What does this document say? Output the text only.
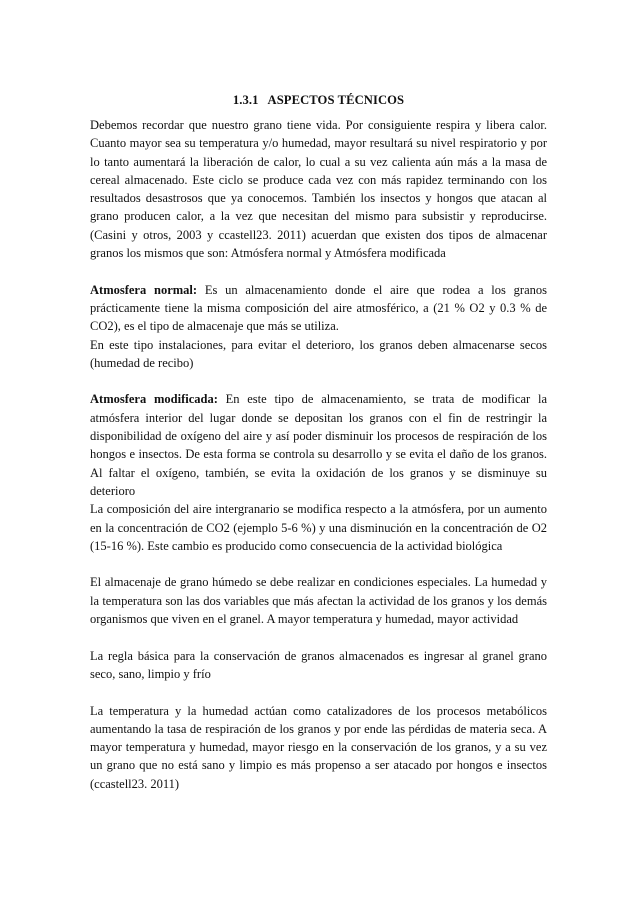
1.3.1 ASPECTOS TÉCNICOS

Debemos recordar que nuestro grano tiene vida. Por consiguiente respira y libera calor. Cuanto mayor sea su temperatura y/o humedad, mayor resultará su nivel respiratorio y por lo tanto aumentará la liberación de calor, lo cual a su vez calienta aún más a la masa de cereal almacenado. Este ciclo se produce cada vez con más rapidez terminando con los resultados desastrosos que ya conocemos. También los insectos y hongos que atacan al grano producen calor, a la vez que necesitan del mismo para subsistir y reproducirse. (Casini y otros, 2003 y ccastell23. 2011) acuerdan que existen dos tipos de almacenar granos los mismos que son: Atmósfera normal y Atmósfera modificada

Atmosfera normal: Es un almacenamiento donde el aire que rodea a los granos prácticamente tiene la misma composición del aire atmosférico, a (21 % O2 y 0.3 % de CO2), es el tipo de almacenaje que más se utiliza.

En este tipo instalaciones, para evitar el deterioro, los granos deben almacenarse secos (humedad de recibo)

Atmosfera modificada: En este tipo de almacenamiento, se trata de modificar la atmósfera interior del lugar donde se depositan los granos con el fin de restringir la disponibilidad de oxígeno del aire y así poder disminuir los procesos de respiración de los hongos e insectos. De esta forma se controla su desarrollo y se evita el daño de los granos. Al faltar el oxígeno, también, se evita la oxidación de los granos y se disminuye su deterioro

La composición del aire intergranario se modifica respecto a la atmósfera, por un aumento en la concentración de CO2 (ejemplo 5-6 %) y una disminución en la concentración de O2 (15-16 %). Este cambio es producido como consecuencia de la actividad biológica

El almacenaje de grano húmedo se debe realizar en condiciones especiales. La humedad y la temperatura son las dos variables que más afectan la actividad de los granos y los demás organismos que viven en el granel. A mayor temperatura y humedad, mayor actividad

La regla básica para la conservación de granos almacenados es ingresar al granel grano seco, sano, limpio y frío

La temperatura y la humedad actúan como catalizadores de los procesos metabólicos aumentando la tasa de respiración de los granos y por ende las pérdidas de materia seca. A mayor temperatura y humedad, mayor riesgo en la conservación de los granos, y a su vez un grano que no está sano y limpio es más propenso a ser atacado por hongos e insectos (ccastell23. 2011)
